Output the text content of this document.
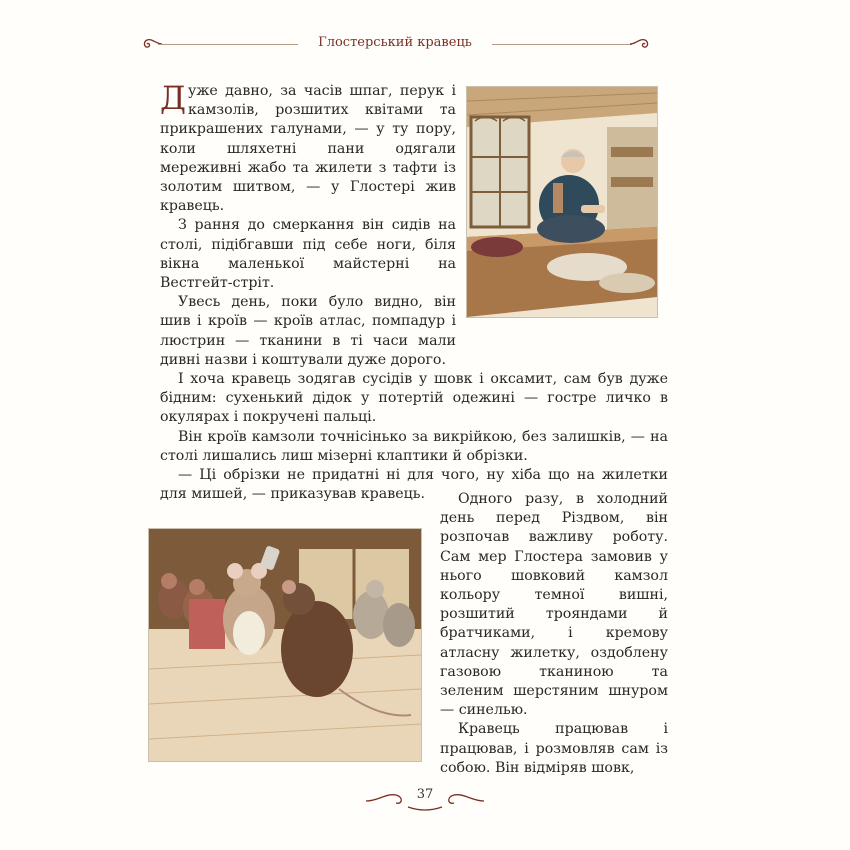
Глостерський кравець

Дуже давно, за часів шпаг, перук і камзолів, розшитих квітами та прикрашених галунами, — у ту пору, коли шляхетні пани одягали мереживні жабо та жилети з тафти із золотим шитвом, — у Глостері жив кравець.

З рання до смеркання він сидів на столі, підібгавши під себе ноги, біля вікна маленької майстерні на Вестгейт-стріт.

Увесь день, поки було видно, він шив і кроїв — кроїв атлас, помпадур і люстрин — тканини в ті часи мали дивні назви і коштували дуже дорого.

І хоча кравець зодягав сусідів у шовк і оксамит, сам був дуже бідним: сухенький дідок у потертій одежині — гостре личко в окулярах і покручені пальці.

Він кроїв камзоли точнісінько за викрійкою, без залишків, — на столі лишались лиш мізерні клаптики й обрізки.

— Ці обрізки не придатні ні для чого, ну хіба що на жилетки для мишей, — приказував кравець.	Одного разу, в холодний день перед Різдвом, він розпочав важливу роботу. Сам мер Глостера замовив у нього шовковий камзол кольору темної вишні, розшитий трояндами й братчиками, і кремову атласну жилетку, оздоблену газовою тканиною та зеленим шерстяним шнуром — синелью.

Кравець працював і працював, і розмовляв сам із собою. Він відміряв шовк,

37
